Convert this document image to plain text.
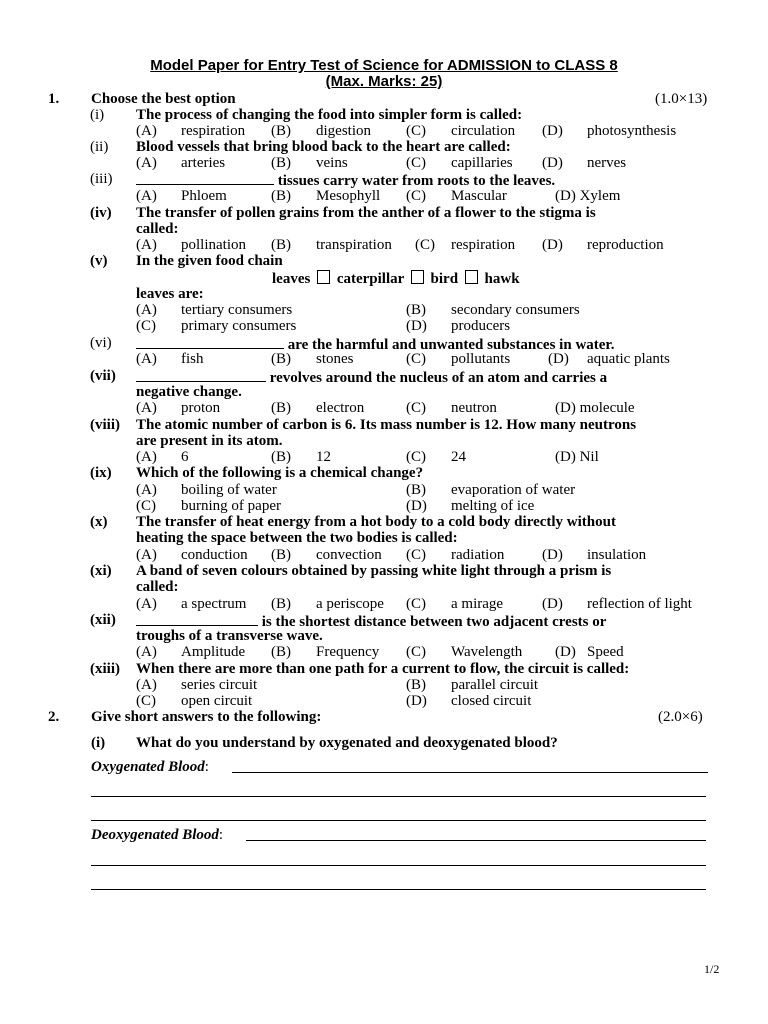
Model Paper for Entry Test of Science for ADMISSION to CLASS 8
(Max. Marks: 25)
1. Choose the best option	(1.0×13)
(i) The process of changing the food into simpler form is called:
(A) respiration (B) digestion (C) circulation (D) photosynthesis
(ii) Blood vessels that bring blood back to the heart are called:
(A) arteries	(B) veins	(C) capillaries (D) nerves
(iii)	tissues carry water from roots to the leaves.
(A) Phloem	(B) Mesophyll (C) Mascular	(D) Xylem
(iv) The transfer of pollen grains from the anther of a flower to the stigma is
called:
(A) pollination (B) transpiration (C) respiration (D) reproduction
(v) In the given food chain
leaves caterpillar bird hawk
leaves are:
(A) tertiary consumers	(B) secondary consumers
(C) primary consumers	(D) producers
(vi)	are the harmful and unwanted substances in water.
(A) fish	(B) stones	(C) pollutants	(D) aquatic plants
(vii)	revolves around the nucleus of an atom and carries a
negative change.
(A) proton	(B) electron	(C) neutron	(D) molecule
(viii) The atomic number of carbon is 6. Its mass number is 12. How many neutrons
are present in its atom.
(A) 6	(B) 12	(C) 24	(D) Nil
(ix) Which of the following is a chemical change?
(A) boiling of water	(B) evaporation of water
(C) burning of paper	(D) melting of ice
(x) The transfer of heat energy from a hot body to a cold body directly without
heating the space between the two bodies is called:
(A) conduction (B) convection (C) radiation	(D) insulation
(xi) A band of seven colours obtained by passing white light through a prism is
called:
(A) a spectrum (B) a periscope (C) a mirage	(D) reflection of light
(xii)	is the shortest distance between two adjacent crests or
troughs of a transverse wave.
(A) Amplitude (B) Frequency (C) Wavelength (D) Speed
(xiii) When there are more than one path for a current to flow, the circuit is called:
(A) series circuit	(B) parallel circuit
(C) open circuit	(D) closed circuit
2. Give short answers to the following:	(2.0×6)
(i) What do you understand by oxygenated and deoxygenated blood?
Oxygenated Blood:
Deoxygenated Blood:
1/2
